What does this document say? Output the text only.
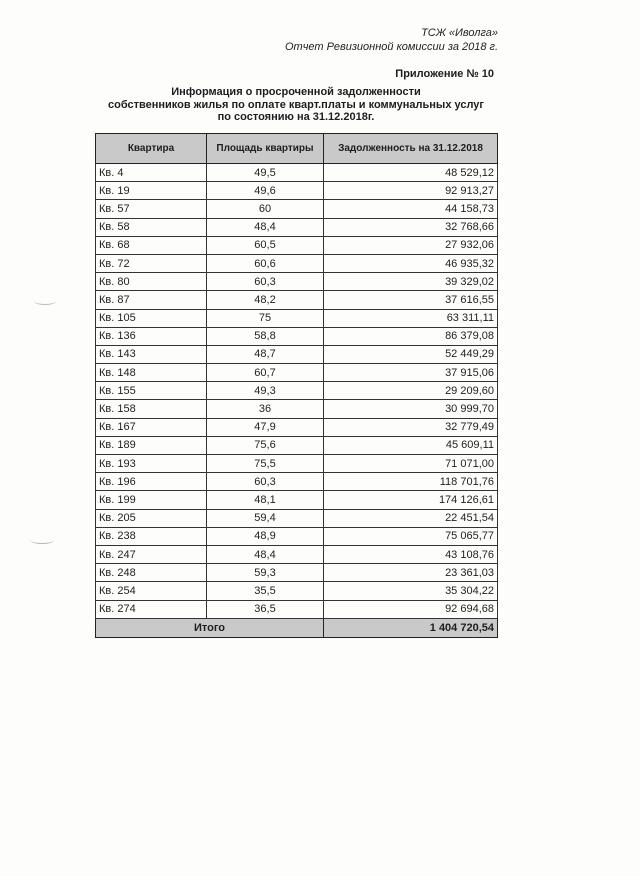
ТСЖ «Иволга»
Отчет Ревизионной комиссии за 2018 г.
Приложение № 10
Информация о просроченной задолженности
собственников жилья по оплате кварт.платы и коммунальных услуг
по состоянию на 31.12.2018г.
Квартира	Площадь квартиры	Задолженность на 31.12.2018
Кв. 4	49,5	48 529,12
Кв. 19	49,6	92 913,27
Кв. 57	60	44 158,73
Кв. 58	48,4	32 768,66
Кв. 68	60,5	27 932,06
Кв. 72	60,6	46 935,32
Кв. 80	60,3	39 329,02
Кв. 87	48,2	37 616,55
Кв. 105	75	63 311,11
Кв. 136	58,8	86 379,08
Кв. 143	48,7	52 449,29
Кв. 148	60,7	37 915,06
Кв. 155	49,3	29 209,60
Кв. 158	36	30 999,70
Кв. 167	47,9	32 779,49
Кв. 189	75,6	45 609,11
Кв. 193	75,5	71 071,00
Кв. 196	60,3	118 701,76
Кв. 199	48,1	174 126,61
Кв. 205	59,4	22 451,54
Кв. 238	48,9	75 065,77
Кв. 247	48,4	43 108,76
Кв. 248	59,3	23 361,03
Кв. 254	35,5	35 304,22
Кв. 274	36,5	92 694,68
Итого		1 404 720,54
